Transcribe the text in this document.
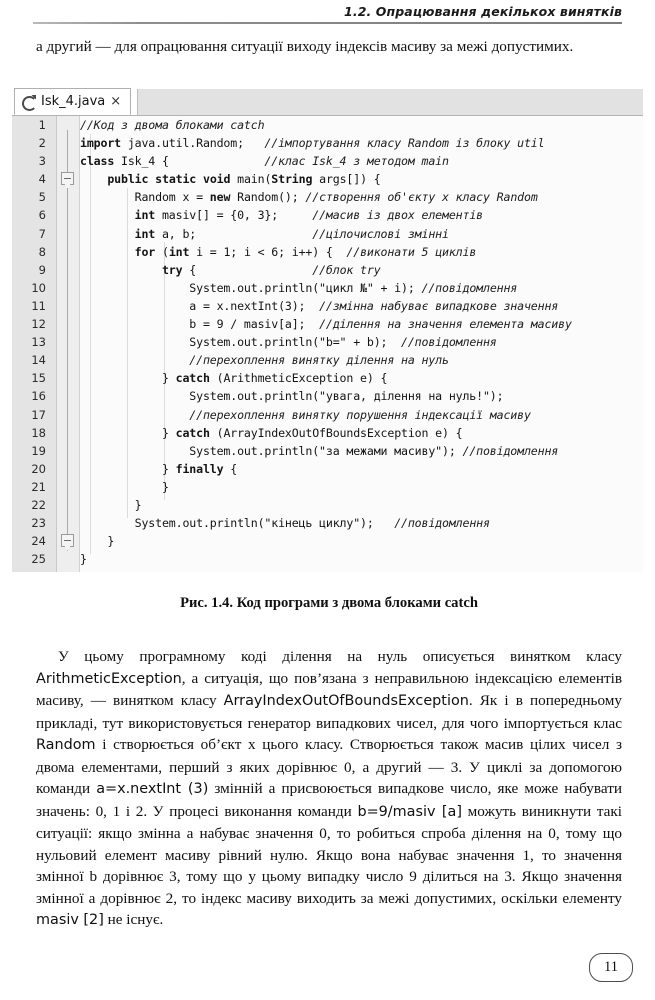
1.2. Опрацювання декількох винятків
а другий — для опрацювання ситуації виходу індексів масиву за межі допустимих.
Isk_4.java ×
1	//Код з двома блоками catch
2	import java.util.Random;   //імпортування класу Random із блоку util
3	class Isk_4 {              //клас Isk_4 з методом main
4	public static void main(String args[]) {
5	Random x = new Random(); //створення об'єкту x класу Random
6	int masiv[] = {0, 3};     //масив із двох елементів
7	int a, b;                 //цілочислові змінні
8	for (int i = 1; i < 6; i++) {  //виконати 5 циклів
9	try {                 //блок try
10	System.out.println("цикл №" + i); //повідомлення
11	a = x.nextInt(3);  //змінна набуває випадкове значення
12	b = 9 / masiv[a];  //ділення на значення елемента масиву
13	System.out.println("b=" + b);  //повідомлення
14	//перехоплення винятку ділення на нуль
15	} catch (ArithmeticException e) {
16	System.out.println("увага, ділення на нуль!");
17	//перехоплення винятку порушення індексації масиву
18	} catch (ArrayIndexOutOfBoundsException e) {
19	System.out.println("за межами масиву"); //повідомлення
20	} finally {
21	}
22	}
23	System.out.println("кінець циклу");   //повідомлення
24	}
25	}
Рис. 1.4. Код програми з двома блоками catch

У цьому програмному коді ділення на нуль описується винятком класу ArithmeticException, а ситуація, що пов’язана з неправильною індексацією елементів масиву, — винятком класу ArrayIndexOutOfBoundsException. Як і в попередньому прикладі, тут використовується генератор випадкових чисел, для чого імпортується клас Random і створюється об’єкт x цього класу. Створюється також масив цілих чисел з двома елементами, перший з яких дорівнює 0, а другий — 3. У циклі за допомогою команди a=x.nextInt (3) змінній a присвоюється випадкове число, яке може набувати значень: 0, 1 і 2. У процесі виконання команди b=9/masiv [a] можуть виникнути такі ситуації: якщо змінна a набуває значення 0, то робиться спроба ділення на 0, тому що нульовий елемент масиву рівний нулю. Якщо вона набуває значення 1, то значення змінної b дорівнює 3, тому що у цьому випадку число 9 ділиться на 3. Якщо значення змінної a дорівнює 2, то індекс масиву виходить за межі допустимих, оскільки елементу masiv [2] не існує.

11
